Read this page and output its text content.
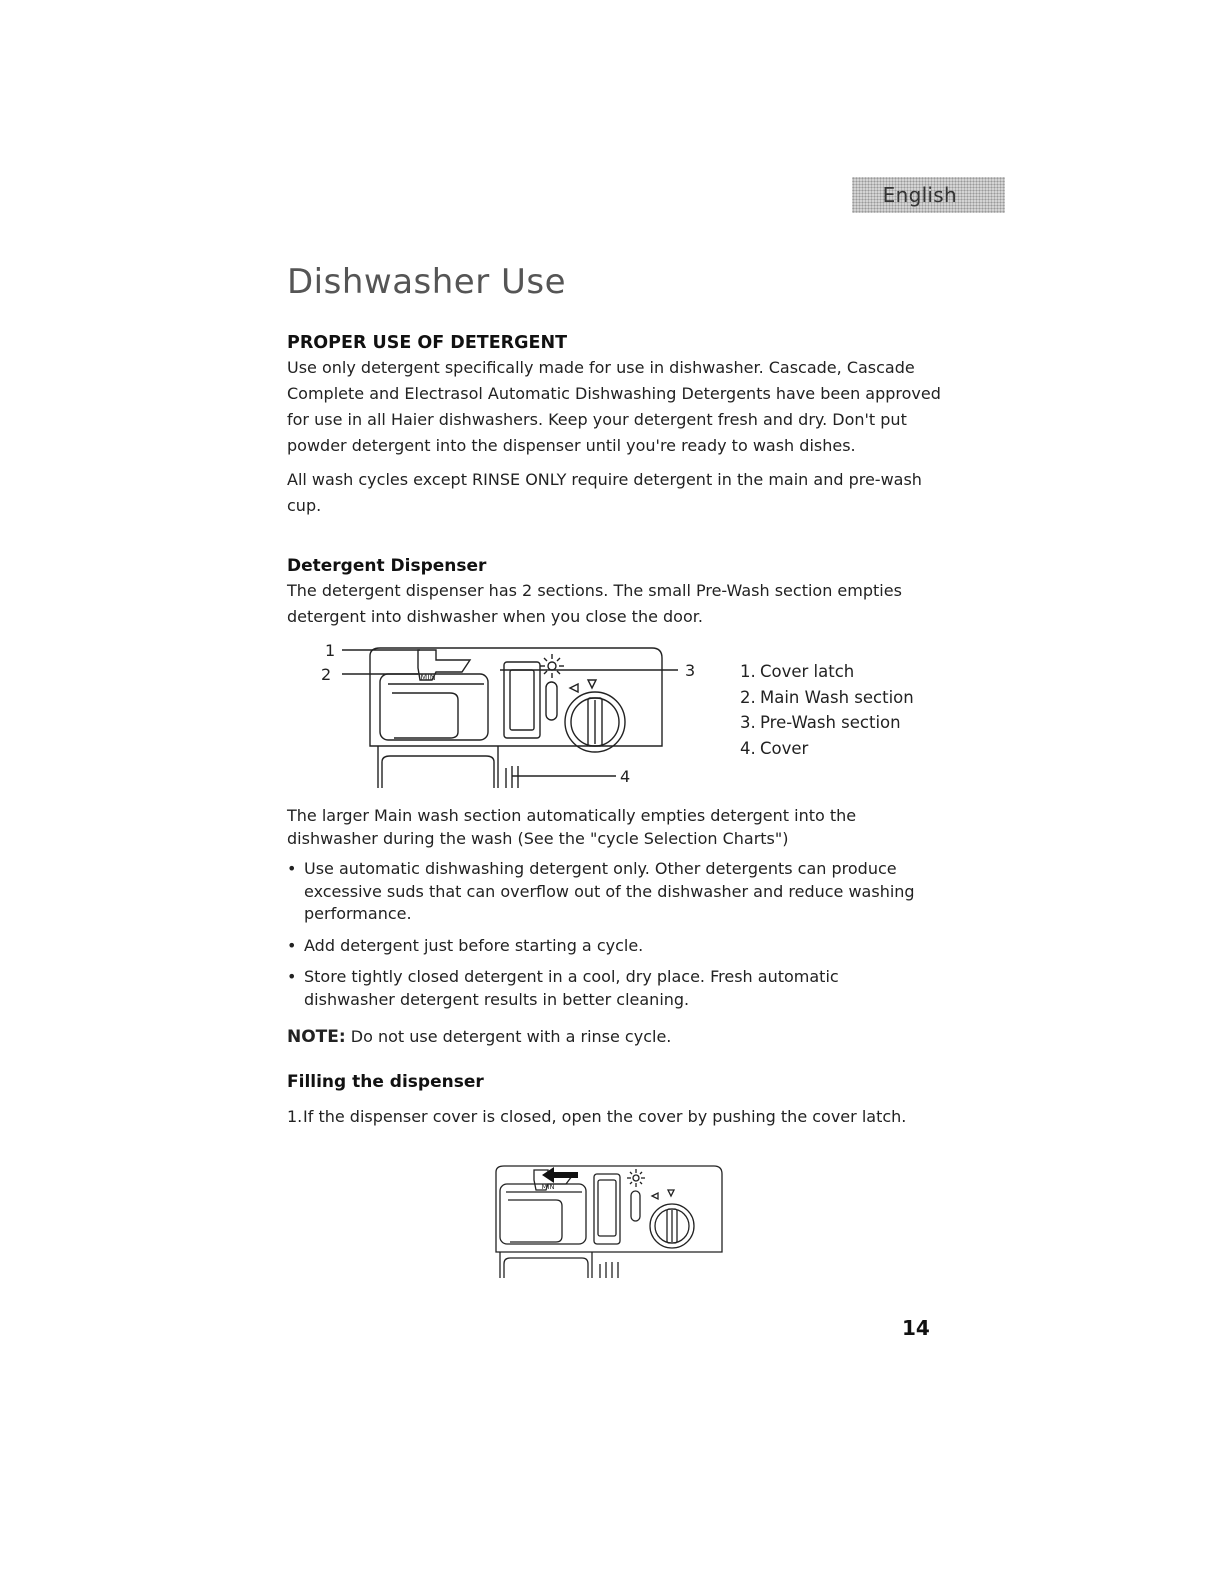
English
Dishwasher Use
PROPER USE OF DETERGENT

Use only detergent specifically made for use in dishwasher. Cascade, Cascade

Complete and Electrasol Automatic Dishwashing Detergents have been approved

for use in all Haier dishwashers. Keep your detergent fresh and dry. Don't put

powder detergent into the dispenser until you're ready to wash dishes.

All wash cycles except RINSE ONLY require detergent in the main and pre-wash

cup.

Detergent Dispenser

The detergent dispenser has 2 sections. The small Pre-Wash section empties

detergent into dishwasher when you close the door.

MIN
1
2	3
4
1. Cover latch
2. Main Wash section
3. Pre-Wash section
4. Cover

The larger Main wash section automatically empties detergent into the

dishwasher during the wash (See the "cycle Selection Charts")

• Use automatic dishwashing detergent only. Other detergents can produce excessive suds that can overflow out of the dishwasher and reduce washing performance.
• Add detergent just before starting a cycle.
• Store tightly closed detergent in a cool, dry place. Fresh automatic dishwasher detergent results in better cleaning.
NOTE: Do not use detergent with a rinse cycle.
Filling the dispenser
1.If the dispenser cover is closed, open the cover by pushing the cover latch.
MIN
14
